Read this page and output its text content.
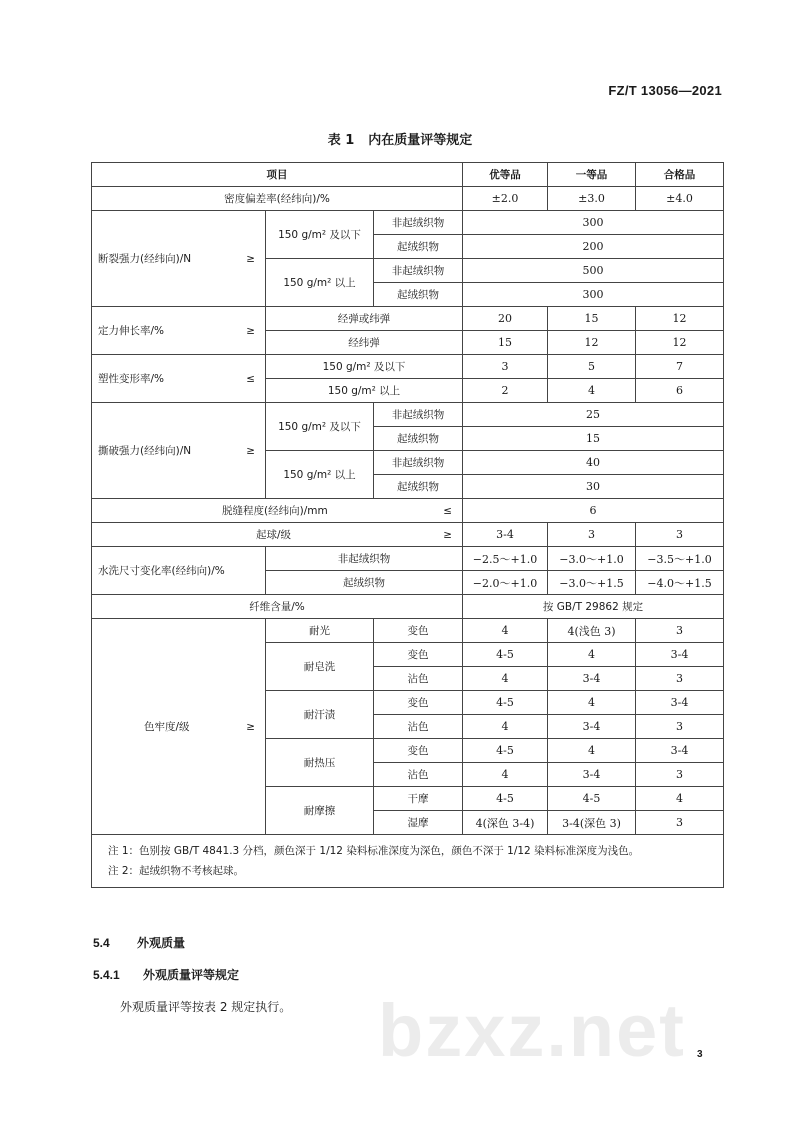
FZ/T 13056—2021
表 1 内在质量评等规定
项目			优等品	一等品	合格品
密度偏差率(经纬向)/%			±2.0	±3.0	±4.0

断裂强力(经纬向)/N ≥	150 g/m² 及以下	非起绒织物	300		
		起绒织物	200		
	150 g/m² 以上	非起绒织物	500		
		起绒织物	300		

定力伸长率/% ≥	经弹或纬弹		20	15	12
	经纬弹		15	12	12

塑性变形率/% ≤	150 g/m² 及以下		3	5	7
	150 g/m² 以上		2	4	6

撕破强力(经纬向)/N ≥	150 g/m² 及以下	非起绒织物	25		
		起绒织物	15		
	150 g/m² 以上	非起绒织物	40		
		起绒织物	30		

脱缝程度(经纬向)/mm ≤			6		

起球/级 ≥			3-4	3	3
水洗尺寸变化率(经纬向)/%	非起绒织物		−2.5～+1.0	−3.0～+1.0	−3.5～+1.0
	起绒织物		−2.0～+1.0	−3.0～+1.5	−4.0～+1.5
纤维含量/%			按 GB/T 29862 规定		

色牢度/级 ≥	耐光	变色	4	4(浅色 3)	3
	耐皂洗	变色	4-5	4	3-4
		沾色	4	3-4	3
	耐汗渍	变色	4-5	4	3-4
		沾色	4	3-4	3
	耐热压	变色	4-5	4	3-4
		沾色	4	3-4	3
	耐摩擦	干摩	4-5	4-5	4
		湿摩	4(深色 3-4)	3-4(深色 3)	3

注 1：色别按 GB/T 4841.3 分档，颜色深于 1/12 染料标准深度为深色，颜色不深于 1/12 染料标准深度为浅色。
注 2：起绒织物不考核起球。					
5.4 外观质量
5.4.1 外观质量评等规定
外观质量评等按表 2 规定执行。 bzxz.net 3
